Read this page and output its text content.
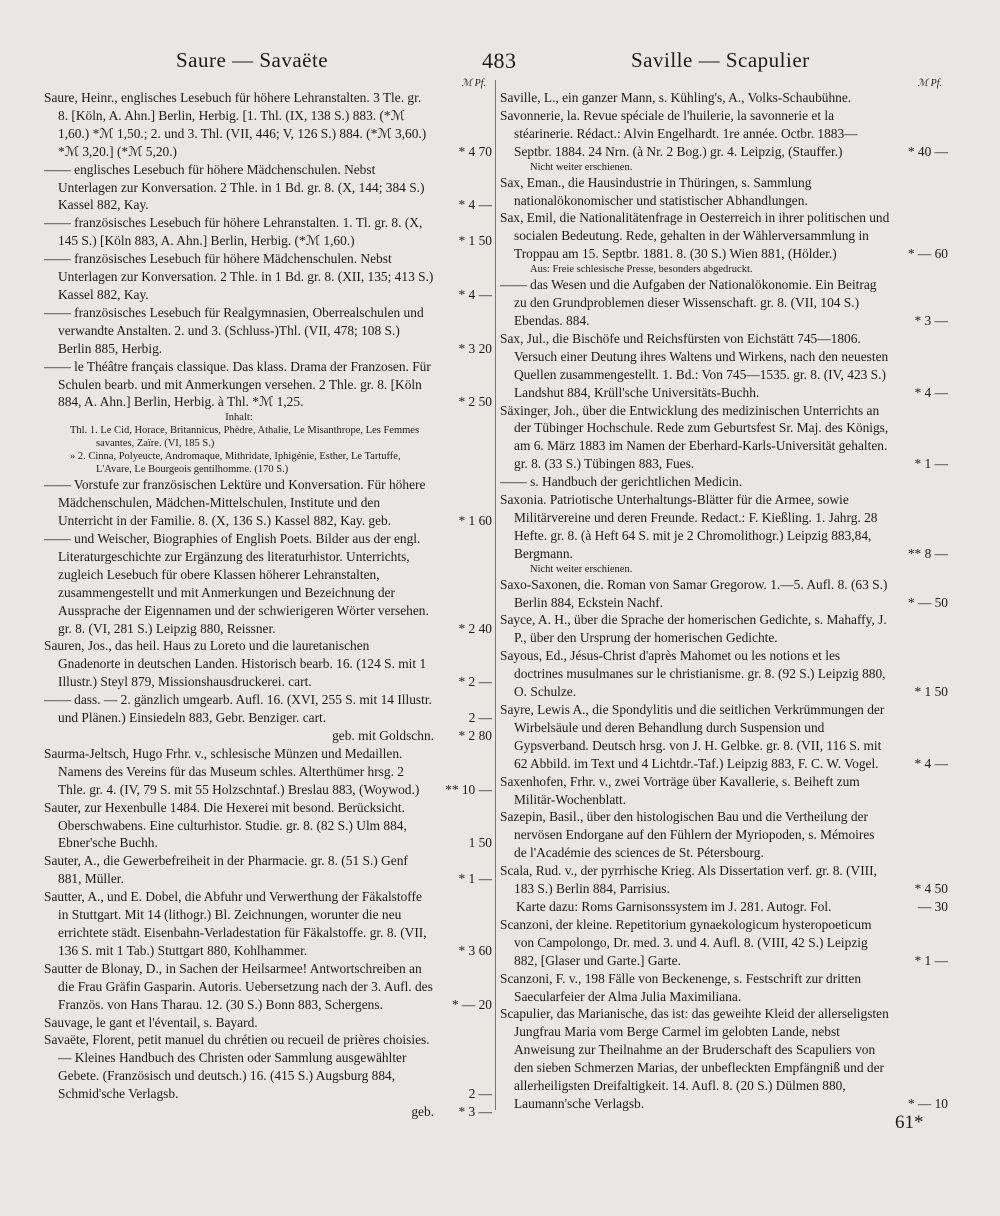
Saure — Savaëte	483	Saville — Scapulier
ℳ Pf.

Saure, Heinr., englisches Lesebuch für höhere Lehranstalten. 3 Tle. gr. 8. [Köln, A. Ahn.] Berlin, Herbig. [1. Thl. (IX, 138 S.) 883. (*ℳ 1,60.) *ℳ 1,50.; 2. und 3. Thl. (VII, 446; V, 126 S.) 884. (*ℳ 3,60.) *ℳ 3,20.] (*ℳ 5,20.)	* 4 70

—— englisches Lesebuch für höhere Mädchenschulen. Nebst Unterlagen zur Konversation. 2 Thle. in 1 Bd. gr. 8. (X, 144; 384 S.) Kassel 882, Kay.	* 4 —

—— französisches Lesebuch für höhere Lehranstalten. 1. Tl. gr. 8. (X, 145 S.) [Köln 883, A. Ahn.] Berlin, Herbig. (*ℳ 1,60.)	* 1 50

—— französisches Lesebuch für höhere Mädchenschulen. Nebst Unterlagen zur Konversation. 2 Thle. in 1 Bd. gr. 8. (XII, 135; 413 S.) Kassel 882, Kay.	* 4 —

—— französisches Lesebuch für Realgymnasien, Oberrealschulen und verwandte Anstalten. 2. und 3. (Schluss-)Thl. (VII, 478; 108 S.) Berlin 885, Herbig.	* 3 20

—— le Théâtre français classique. Das klass. Drama der Franzosen. Für Schulen bearb. und mit Anmerkungen versehen. 2 Thle. gr. 8. [Köln 884, A. Ahn.] Berlin, Herbig. à Thl. *ℳ 1,25.	* 2 50

Inhalt:

Thl. 1. Le Cid, Horace, Britannicus, Phèdre, Athalie, Le Misanthrope, Les Femmes savantes, Zaïre. (VI, 185 S.)

» 2. Cinna, Polyeucte, Andromaque, Mithridate, Iphigénie, Esther, Le Tartuffe, L'Avare, Le Bourgeois gentilhomme. (170 S.)

—— Vorstufe zur französischen Lektüre und Konversation. Für höhere Mädchenschulen, Mädchen-Mittelschulen, Institute und den Unterricht in der Familie. 8. (X, 136 S.) Kassel 882, Kay. geb.	* 1 60

—— und Weischer, Biographies of English Poets. Bilder aus der engl. Literaturgeschichte zur Ergänzung des literaturhistor. Unterrichts, zugleich Lesebuch für obere Klassen höherer Lehranstalten, zusammengestellt und mit Anmerkungen und Bezeichnung der Aussprache der Eigennamen und der schwierigeren Wörter versehen. gr. 8. (VI, 281 S.) Leipzig 880, Reissner.	* 2 40

Sauren, Jos., das heil. Haus zu Loreto und die lauretanischen Gnadenorte in deutschen Landen. Historisch bearb. 16. (124 S. mit 1 Illustr.) Steyl 879, Missionshausdruckerei. cart.	* 2 —

—— dass. — 2. gänzlich umgearb. Aufl. 16. (XVI, 255 S. mit 14 Illustr. und Plänen.) Einsiedeln 883, Gebr. Benziger. cart.	2 —

geb. mit Goldschn. * 2 80

Saurma-Jeltsch, Hugo Frhr. v., schlesische Münzen und Medaillen. Namens des Vereins für das Museum schles. Alterthümer hrsg. 2 Thle. gr. 4. (IV, 79 S. mit 55 Holzschntaf.) Breslau 883, (Woywod.) ** 10 —

Sauter, zur Hexenbulle 1484. Die Hexerei mit besond. Berücksicht. Oberschwabens. Eine culturhistor. Studie. gr. 8. (82 S.) Ulm 884, Ebner'sche Buchh.	1 50

Sauter, A., die Gewerbefreiheit in der Pharmacie. gr. 8. (51 S.) Genf 881, Müller.	* 1 —

Sautter, A., und E. Dobel, die Abfuhr und Verwerthung der Fäkalstoffe in Stuttgart. Mit 14 (lithogr.) Bl. Zeichnungen, worunter die neu errichtete städt. Eisenbahn-Verladestation für Fäkalstoffe. gr. 8. (VII, 136 S. mit 1 Tab.) Stuttgart 880, Kohlhammer.	* 3 60

Sautter de Blonay, D., in Sachen der Heilsarmee! Antwortschreiben an die Frau Gräfin Gasparin. Autoris. Uebersetzung nach der 3. Aufl. des Französ. von Hans Tharau. 12. (30 S.) Bonn 883, Schergens.	* — 20

Sauvage, le gant et l'éventail, s. Bayard.

Savaëte, Florent, petit manuel du chrétien ou recueil de prières choisies. — Kleines Handbuch des Christen oder Sammlung ausgewählter Gebete. (Französisch und deutsch.) 16. (415 S.) Augsburg 884, Schmid'sche Verlagsb.	2 —

geb. * 3 —

ℳ Pf.

Saville, L., ein ganzer Mann, s. Kühling's, A., Volks-Schaubühne.

Savonnerie, la. Revue spéciale de l'huilerie, la savonnerie et la stéarinerie. Rédact.: Alvin Engelhardt. 1re année. Octbr. 1883—Septbr. 1884. 24 Nrn. (à Nr. 2 Bog.) gr. 4. Leipzig, (Stauffer.)	* 40 —

Nicht weiter erschienen.

Sax, Eman., die Hausindustrie in Thüringen, s. Sammlung nationalökonomischer und statistischer Abhandlungen.

Sax, Emil, die Nationalitätenfrage in Oesterreich in ihrer politischen und socialen Bedeutung. Rede, gehalten in der Wählerversammlung in Troppau am 15. Septbr. 1881. 8. (30 S.) Wien 881, (Hölder.)	* — 60

Aus: Freie schlesische Presse, besonders abgedruckt.

—— das Wesen und die Aufgaben der Nationalökonomie. Ein Beitrag zu den Grundproblemen dieser Wissenschaft. gr. 8. (VII, 104 S.) Ebendas. 884.	* 3 —

Sax, Jul., die Bischöfe und Reichsfürsten von Eichstätt 745—1806. Versuch einer Deutung ihres Waltens und Wirkens, nach den neuesten Quellen zusammengestellt. 1. Bd.: Von 745—1535. gr. 8. (IV, 423 S.) Landshut 884, Krüll'sche Universitäts-Buchh.	* 4 —

Säxinger, Joh., über die Entwicklung des medizinischen Unterrichts an der Tübinger Hochschule. Rede zum Geburtsfest Sr. Maj. des Königs, am 6. März 1883 im Namen der Eberhard-Karls-Universität gehalten. gr. 8. (33 S.) Tübingen 883, Fues.	* 1 —

—— s. Handbuch der gerichtlichen Medicin.

Saxonia. Patriotische Unterhaltungs-Blätter für die Armee, sowie Militärvereine und deren Freunde. Redact.: F. Kießling. 1. Jahrg. 28 Hefte. gr. 8. (à Heft 64 S. mit je 2 Chromolithogr.) Leipzig 883,84, Bergmann.	** 8 —

Nicht weiter erschienen.

Saxo-Saxonen, die. Roman von Samar Gregorow. 1.—5. Aufl. 8. (63 S.) Berlin 884, Eckstein Nachf.	* — 50

Sayce, A. H., über die Sprache der homerischen Gedichte, s. Mahaffy, J. P., über den Ursprung der homerischen Gedichte.

Sayous, Ed., Jésus-Christ d'après Mahomet ou les notions et les doctrines musulmanes sur le christianisme. gr. 8. (92 S.) Leipzig 880, O. Schulze.	* 1 50

Sayre, Lewis A., die Spondylitis und die seitlichen Verkrümmungen der Wirbelsäule und deren Behandlung durch Suspension und Gypsverband. Deutsch hrsg. von J. H. Gelbke. gr. 8. (VII, 116 S. mit 62 Abbild. im Text und 4 Lichtdr.-Taf.) Leipzig 883, F. C. W. Vogel.	* 4 —

Saxenhofen, Frhr. v., zwei Vorträge über Kavallerie, s. Beiheft zum Militär-Wochenblatt.

Sazepin, Basil., über den histologischen Bau und die Vertheilung der nervösen Endorgane auf den Fühlern der Myriopoden, s. Mémoires de l'Académie des sciences de St. Pétersbourg.

Scala, Rud. v., der pyrrhische Krieg. Als Dissertation verf. gr. 8. (VIII, 183 S.) Berlin 884, Parrisius.	* 4 50

Karte dazu: Roms Garnisonssystem im J. 281. Autogr. Fol.	— 30

Scanzoni, der kleine. Repetitorium gynaekologicum hysteropoeticum von Campolongo, Dr. med. 3. und 4. Aufl. 8. (VIII, 42 S.) Leipzig 882, [Glaser und Garte.] Garte.	* 1 —

Scanzoni, F. v., 198 Fälle von Beckenenge, s. Festschrift zur dritten Saecularfeier der Alma Julia Maximiliana.

Scapulier, das Marianische, das ist: das geweihte Kleid der allerseligsten Jungfrau Maria vom Berge Carmel im gelobten Lande, nebst Anweisung zur Theilnahme an der Bruderschaft des Scapuliers von den sieben Schmerzen Marias, der unbefleckten Empfängniß und der allerheiligsten Dreifaltigkeit. 14. Aufl. 8. (20 S.) Dülmen 880, Laumann'sche Verlagsb.	* — 10

61*
